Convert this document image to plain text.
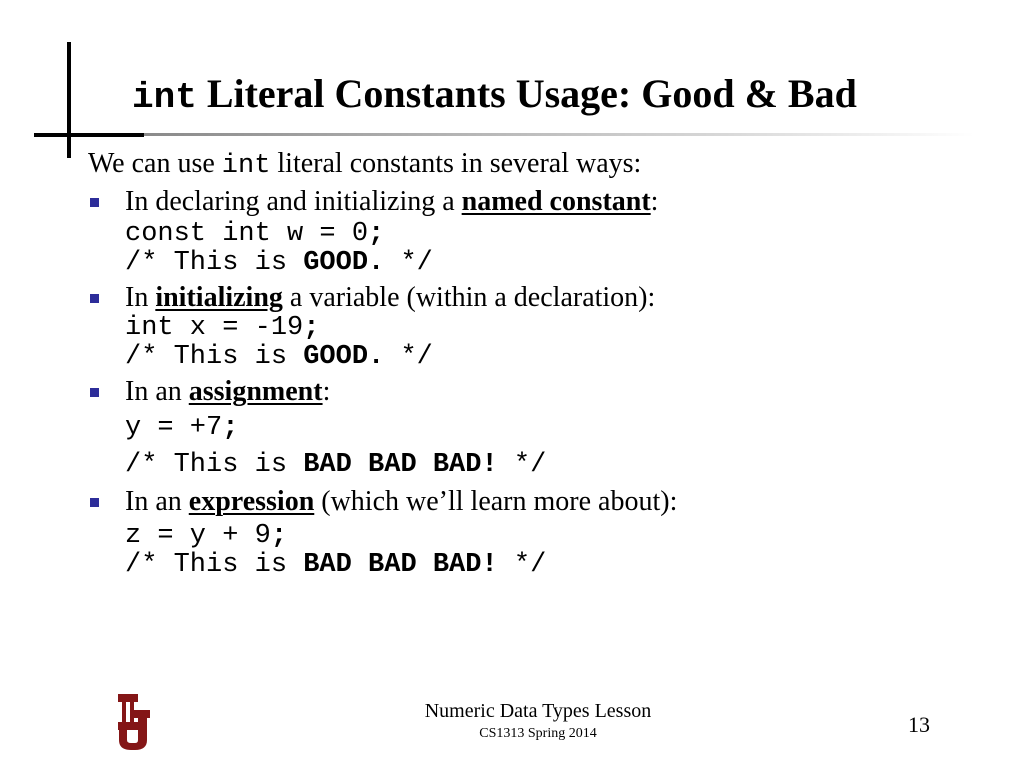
int Literal Constants Usage: Good & Bad
We can use int literal constants in several ways:
In declaring and initializing a named constant:
const int w = 0;
/* This is GOOD. */
In initializing a variable (within a declaration):
int x = -19;
/* This is GOOD. */
In an assignment:
y = +7;
/* This is BAD BAD BAD! */
In an expression (which we’ll learn more about):
z = y + 9;
/* This is BAD BAD BAD! */
Numeric Data Types Lesson
CS1313 Spring 2014	13
